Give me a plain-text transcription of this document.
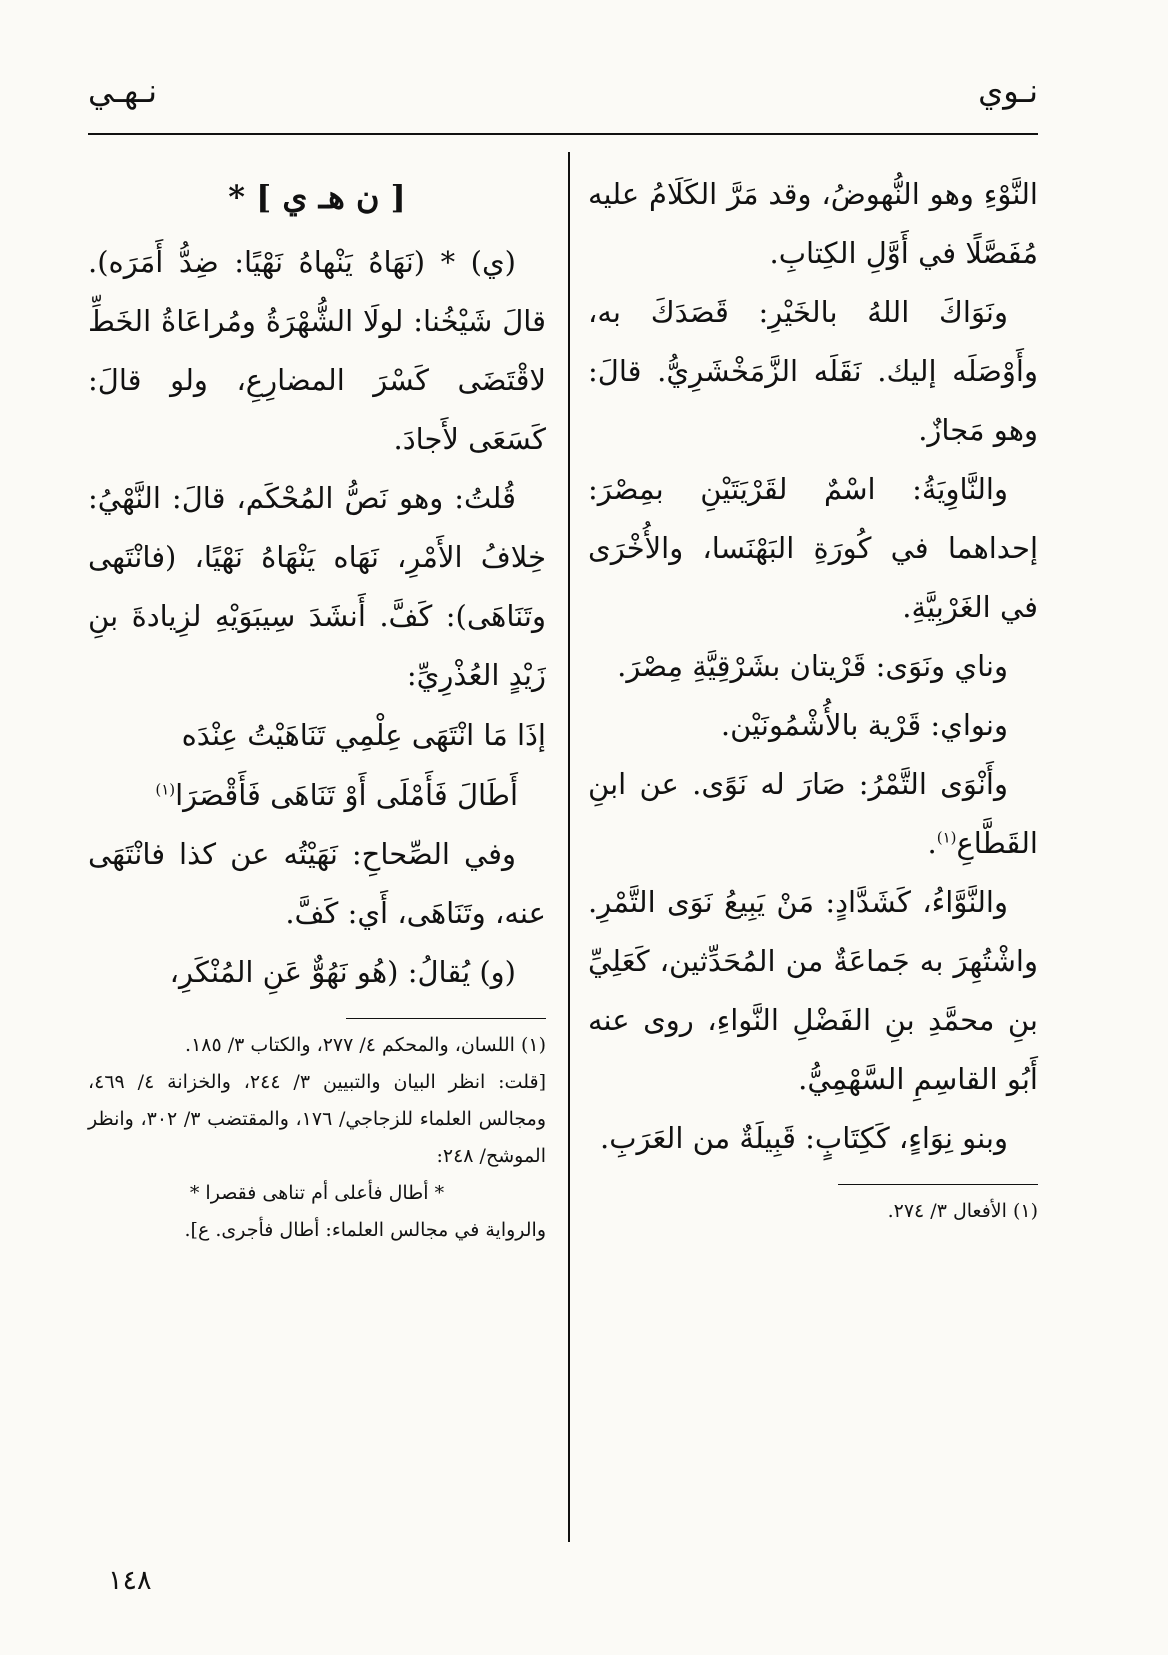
نـوي
نـهـي

النَّوْءِ وهو النُّهوضُ، وقد مَرَّ الكَلَامُ عليه مُفَصَّلًا في أَوَّلِ الكِتابِ.

ونَوَاكَ اللهُ بالخَيْرِ: قَصَدَكَ به، وأَوْصَلَه إليك. نَقَلَه الزَّمَخْشَرِيُّ. قالَ: وهو مَجازٌ.

والنَّاوِيَةُ: اسْمٌ لقَرْيَتَيْنِ بمِصْرَ: إحداهما في كُورَةِ البَهْنَسا، والأُخْرَى في الغَرْبِيَّةِ.

وناي ونَوَى: قَرْيتان بشَرْقِيَّةِ مِصْرَ.

ونواي: قَرْية بالأُشْمُونَيْن.

وأَنْوَى التَّمْرُ: صَارَ له نَوًى. عن ابنِ القَطَّاعِ$^{(١)}$.

والنَّوَّاءُ، كَشَدَّادٍ: مَنْ يَبِيعُ نَوَى التَّمْرِ. واشْتُهِرَ به جَماعَةٌ من المُحَدِّثين، كَعَلِيِّ بنِ محمَّدِ بنِ الفَضْلِ النَّواءِ، روى عنه أَبُو القاسِمِ السَّهْمِيُّ.

وبنو نِوَاءٍ، كَكِتَابٍ: قَبِيلَةٌ من العَرَبِ.

(١) الأفعال ٣/ ٢٧٤.

[ ن هـ ي ] *

(ي) * (نَهَاهُ يَنْهاهُ نَهْيًا: ضِدُّ أَمَرَه). قالَ شَيْخُنا: لولَا الشُّهْرَةُ ومُراعَاةُ الخَطِّ لاقْتَضَى كَسْرَ المضارِعِ، ولو قالَ: كَسَعَى لأَجادَ.

قُلتُ: وهو نَصُّ المُحْكَم، قالَ: النَّهْيُ: خِلافُ الأَمْرِ، نَهَاه يَنْهَاهُ نَهْيًا، (فانْتَهى وتَنَاهَى): كَفَّ. أَنشَدَ سِيبَوَيْهِ لزِيادةَ بنِ زَيْدٍ العُذْرِيِّ:

إذَا مَا انْتَهَى عِلْمِي تَنَاهَيْتُ عِنْدَه

أَطَالَ فَأَمْلَى أَوْ تَنَاهَى فَأَقْصَرَا$^{(١)}$

وفي الصِّحاحِ: نَهَيْتُه عن كذا فانْتَهَى عنه، وتَنَاهَى، أَي: كَفَّ.

(و) يُقالُ: (هُو نَهُوٌّ عَنِ المُنْكَرِ،

(١) اللسان، والمحكم ٤/ ٢٧٧، والكتاب ٣/ ١٨٥.

[قلت: انظر البيان والتبيين ٣/ ٢٤٤، والخزانة ٤/ ٤٦٩، ومجالس العلماء للزجاجي/ ١٧٦، والمقتضب ٣/ ٣٠٢، وانظر الموشح/ ٢٤٨:

* أطال فأعلى أم تناهى فقصرا *

والرواية في مجالس العلماء: أطال فأجرى. ع].

١٤٨
